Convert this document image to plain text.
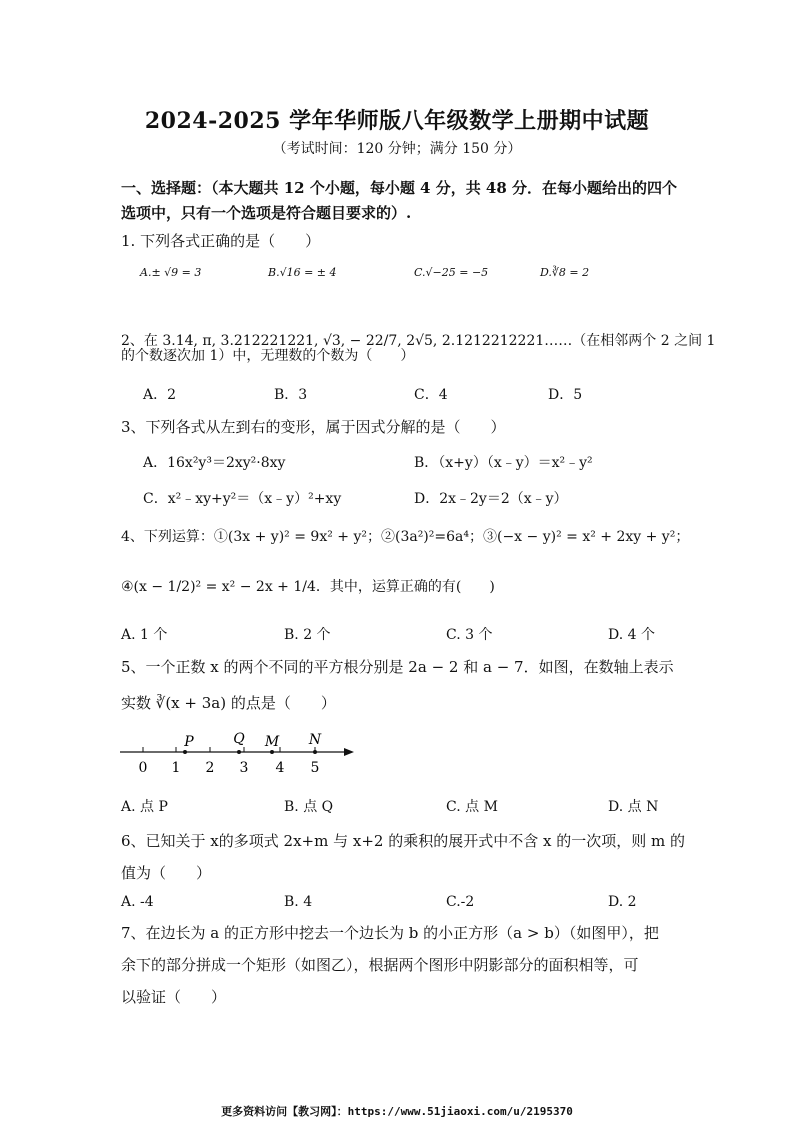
2024-2025 学年华师版八年级数学上册期中试题
（考试时间：120 分钟；满分 150 分）
一、选择题：（本大题共 12 个小题，每小题 4 分，共 48 分．在每小题给出的四个选项中，只有一个选项是符合题目要求的）.
1. 下列各式正确的是（　　）
A.± √9 = 3	B.√16 = ± 4	C.√−25 = −5	D.∛8 = 2
2、在 3.14, π, 3.212221221, √3, − 22/7, 2√5, 2.1212212221……（在相邻两个 2 之间 1
的个数逐次加 1）中，无理数的个数为（　　）
A．2	B．3	C．4	D．5
3、下列各式从左到右的变形，属于因式分解的是（　　）
A．16x²y³＝2xy²·8xy	B．（x+y）（x﹣y）＝x²﹣y²
C．x²﹣xy+y²＝（x﹣y）²+xy	D．2x﹣2y＝2（x﹣y）
4、下列运算：①(3x + y)² = 9x² + y²；②(3a²)²=6a⁴；③(−x − y)² = x² + 2xy + y²；
④(x − 1/2)² = x² − 2x + 1/4．其中，运算正确的有(　　)
A. 1 个	B. 2 个	C. 3 个	D. 4 个
5、一个正数 x 的两个不同的平方根分别是 2a − 2 和 a − 7．如图，在数轴上表示
实数 ∛(x + 3a) 的点是（　　）
0 1 2 3 4 5
P	Q M N
A. 点 P	B. 点 Q	C. 点 M	D. 点 N
6、已知关于 x的多项式 2x+m 与 x+2 的乘积的展开式中不含 x 的一次项，则 m 的
值为（　　）
A. -4	B. 4	C.-2	D. 2
7、在边长为 a 的正方形中挖去一个边长为 b 的小正方形（a > b）（如图甲），把
余下的部分拼成一个矩形（如图乙），根据两个图形中阴影部分的面积相等，可
以验证（　　）
更多资料访问【教习网】：https://www.51jiaoxi.com/u/2195370
